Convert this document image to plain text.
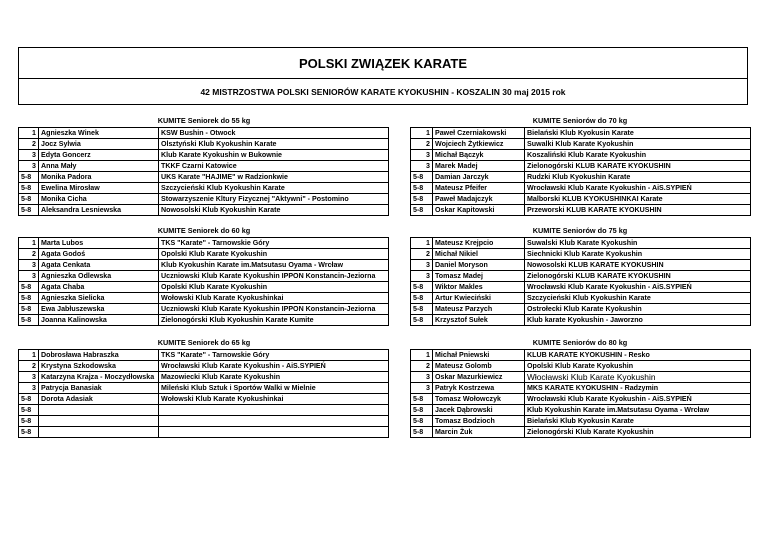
POLSKI ZWIĄZEK KARATE
42 MISTRZOSTWA POLSKI SENIORÓW KARATE KYOKUSHIN - KOSZALIN 30 maj 2015 rok
KUMITE Seniorek do 55 kg
1	Agnieszka Winek	KSW Bushin - Otwock
2	Jocz Sylwia	Olsztyński Klub Kyokushin Karate
3	Edyta Goncerz	Klub Karate Kyokushin w Bukownie
3	Anna Mały	TKKF Czarni Katowice
5-8	Monika Padora	UKS Karate "HAJIME" w Radzionkwie
5-8	Ewelina Mirosław	Szczycieński Klub Kyokushin Karate
5-8	Monika Cicha	Stowarzyszenie Kltury Fizycznej "Aktywni" - Postomino
5-8	Aleksandra Lesniewska	Nowosolski Klub Kyokushin Karate
KUMITE Seniorów do 70 kg
1	Paweł Czerniakowski	Bielański Klub Kyokusin Karate
2	Wojciech Żytkiewicz	Suwalki Klub Karate Kyokushin
3	Michał Bączyk	Koszaliński Klub Karate Kyokushin
3	Marek Madej	Zielonogórski KLUB KARATE KYOKUSHIN
5-8	Damian Jarczyk	Rudzki Klub Kyokushin Karate
5-8	Mateusz Pfeifer	Wrocławski Klub Karate Kyokushin - AiS.SYPIEŃ
5-8	Paweł Madajczyk	Malborski KLUB KYOKUSHINKAI Karate
5-8	Oskar Kapitowski	Przeworski KLUB KARATE KYOKUSHIN
KUMITE Seniorek do 60 kg
1	Marta Lubos	TKS "Karate" - Tarnowskie Góry
2	Agata Godoś	Opolski Klub Karate Kyokushin
3	Agata Cenkata	Klub Kyokushin Karate im.Matsutasu Oyama - Wrcław
3	Agnieszka Odlewska	Uczniowski Klub Karate Kyokushin IPPON Konstancin-Jeziorna
5-8	Agata Chaba	Opolski Klub Karate Kyokushin
5-8	Agnieszka Sielicka	Wołowski Klub Karate Kyokushinkai
5-8	Ewa Jabłuszewska	Uczniowski Klub Karate Kyokushin IPPON Konstancin-Jeziorna
5-8	Joanna Kalinowska	Zielonogórski Klub Kyokushin Karate Kumite
KUMITE Seniorów do 75 kg
1	Mateusz Krejpcio	Suwalski Klub Karate Kyokushin
2	Michał Nikiel	Siechnicki Klub Karate Kyokushin
3	Daniel Moryson	Nowosolski KLUB KARATE KYOKUSHIN
3	Tomasz Madej	Zielonogórski KLUB KARATE KYOKUSHIN
5-8	Wiktor Makles	Wrocławski Klub Karate Kyokushin - AiS.SYPIEŃ
5-8	Artur Kwieciński	Szczycieński Klub Kyokushin Karate
5-8	Mateusz Parzych	Ostrołecki Klub Karate Kyokushin
5-8	Krzysztof Sułek	Klub karate Kyokushin - Jaworzno
KUMITE Seniorek do 65 kg
1	Dobrosława Habraszka	TKS "Karate" - Tarnowskie Góry
2	Krystyna Szkodowska	Wrocławski Klub Karate Kyokushin - AiS.SYPIEŃ
3	Katarzyna Krajza - Moczydłowska	Mazowiecki Klub Karate Kyokushin
3	Patrycja Banasiak	Mileński Klub Sztuk i Sportów Walki w Mielnie
5-8	Dorota Adasiak	Wołowski Klub Karate Kyokushinkai
5-8		
5-8		
5-8		
KUMITE Seniorów do 80 kg
1	Michał Pniewski	KLUB KARATE KYOKUSHIN - Resko
2	Mateusz Golomb	Opolski Klub Karate Kyokushin
3	Oskar Mazurkiewicz	Włocławski Klub Karate Kyokushin
3	Patryk Kostrzewa	MKS KARATE KYOKUSHIN - Radzymin
5-8	Tomasz Wołowczyk	Wrocławski Klub Karate Kyokushin - AiS.SYPIEŃ
5-8	Jacek Dąbrowski	Klub Kyokushin Karate im.Matsutasu Oyama - Wrcław
5-8	Tomasz Bodzioch	Bielański Klub Kyokusin Karate
5-8	Marcin Żuk	Zielonogórski Klub Karate Kyokushin
